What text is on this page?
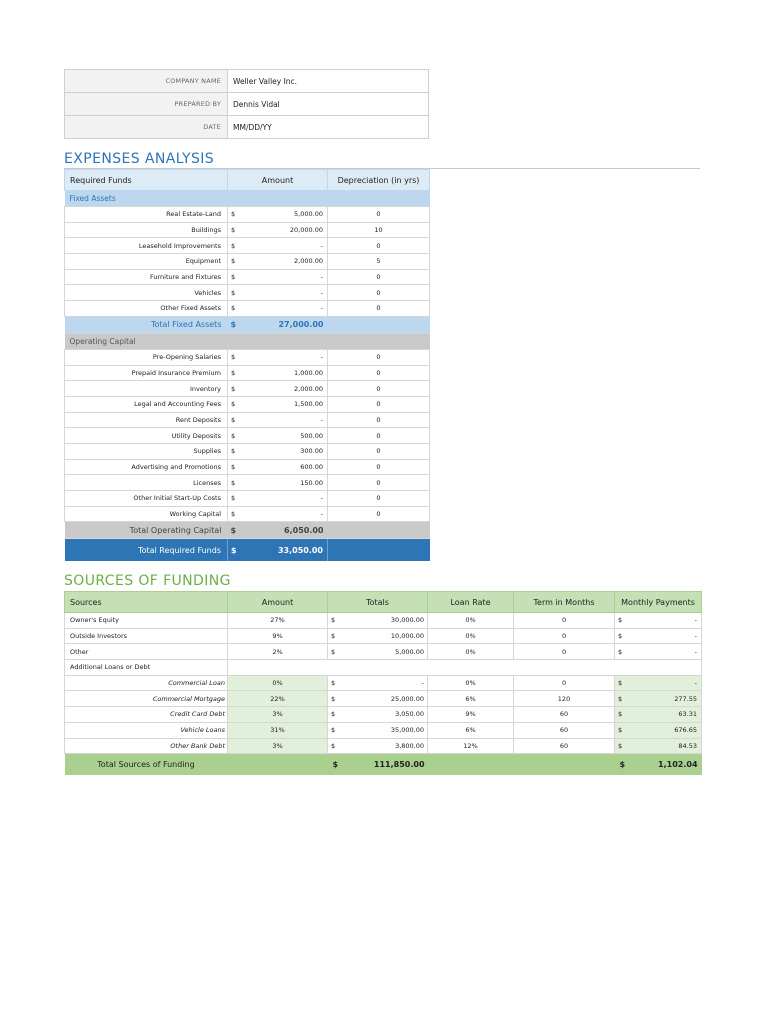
COMPANY NAME	Weller Valley Inc.
PREPARED BY	Dennis Vidal
DATE	MM/DD/YY
EXPENSES ANALYSIS
Required Funds	Amount		Depreciation (in yrs)
Fixed Assets			
Real Estate-Land	$	5,000.00	0
Buildings	$	20,000.00	10
Leasehold Improvements	$	-	0
Equipment	$	2,000.00	5
Furniture and Fixtures	$	-	0
Vehicles	$	-	0
Other Fixed Assets	$	-	0
Total Fixed Assets	$	27,000.00	
Operating Capital			
Pre-Opening Salaries	$	-	0
Prepaid Insurance Premium	$	1,000.00	0
Inventory	$	2,000.00	0
Legal and Accounting Fees	$	1,500.00	0
Rent Deposits	$	-	0
Utility Deposits	$	500.00	0
Supplies	$	300.00	0
Advertising and Promotions	$	600.00	0
Licenses	$	150.00	0
Other Initial Start-Up Costs	$	-	0
Working Capital	$	-	0
Total Operating Capital	$	6,050.00	
Total Required Funds	$	33,050.00	
SOURCES OF FUNDING
Sources	Amount	Totals		Loan Rate	Term in Months	Monthly Payments	
Owner's Equity	27%	$	30,000.00	0%	0	$	-
Outside Investors	9%	$	10,000.00	0%	0	$	-
Other	2%	$	5,000.00	0%	0	$	-
Additional Loans or Debt							
Commercial Loan	0%	$	-	0%	0	$	-
Commercial Mortgage	22%	$	25,000.00	6%	120	$	277.55
Credit Card Debt	3%	$	3,050.00	9%	60	$	63.31
Vehicle Loans	31%	$	35,000.00	6%	60	$	676.65
Other Bank Debt	3%	$	3,800.00	12%	60	$	84.53
Total Sources of Funding		$	111,850.00			$	1,102.04
